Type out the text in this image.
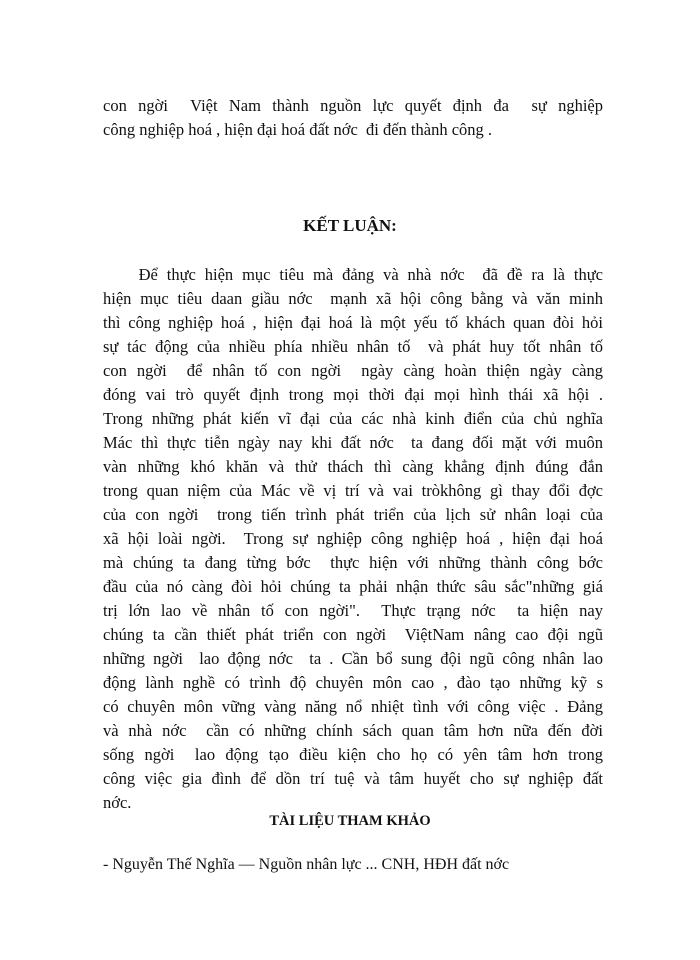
con ngời  Việt Nam thành nguồn lực quyết định đa  sự nghiệp
công nghiệp hoá , hiện đại hoá đất nớc  đi đến thành công .
KẾT LUẬN:
Để thực hiện mục tiêu mà đảng và nhà nớc  đã đề ra là thực
hiện mục tiêu daan giầu nớc  mạnh xã hội công bằng và văn minh
thì công nghiệp hoá , hiện đại hoá là một yếu tố khách quan đòi hỏi
sự tác động của nhiều phía nhiều nhân tố  và phát huy tốt nhân tố
con ngời  để nhân tố con ngời  ngày càng hoàn thiện ngày càng
đóng vai trò quyết định trong mọi thời đại mọi hình thái xã hội .
Trong những phát kiến vĩ đại của các nhà kinh điển của chủ nghĩa
Mác thì thực tiễn ngày nay khi đất nớc  ta đang đối mặt với muôn
vàn những khó khăn và thử thách thì càng khẳng định đúng đắn
trong quan niệm của Mác về vị trí và vai tròkhông gì thay đổi đợc
của con ngời  trong tiến trình phát triển của lịch sử nhân loại của
xã hội loài ngời.  Trong sự nghiệp công nghiệp hoá , hiện đại hoá
mà chúng ta đang từng bớc  thực hiện với những thành công bớc
đầu của nó càng đòi hỏi chúng ta phải nhận thức sâu sắc"những giá
trị lớn lao về nhân tố con ngời".  Thực trạng nớc  ta hiện nay
chúng ta cần thiết phát triển con ngời  ViệtNam nâng cao đội ngũ
những ngời  lao động nớc  ta . Cần bổ sung đội ngũ công nhân lao
động lành nghề có trình độ chuyên môn cao , đào tạo những kỹ s
có chuyên môn vững vàng năng nổ nhiệt tình với công việc . Đảng
và nhà nớc  cần có những chính sách quan tâm hơn nữa đến đời
sống ngời  lao động tạo điều kiện cho họ có yên tâm hơn trong
công việc gia đình để dồn trí tuệ và tâm huyết cho sự nghiệp đất
nớc.
TÀI LIỆU THAM KHẢO
- Nguyễn Thế Nghĩa — Nguồn nhân lực ... CNH, HĐH đất nớc
